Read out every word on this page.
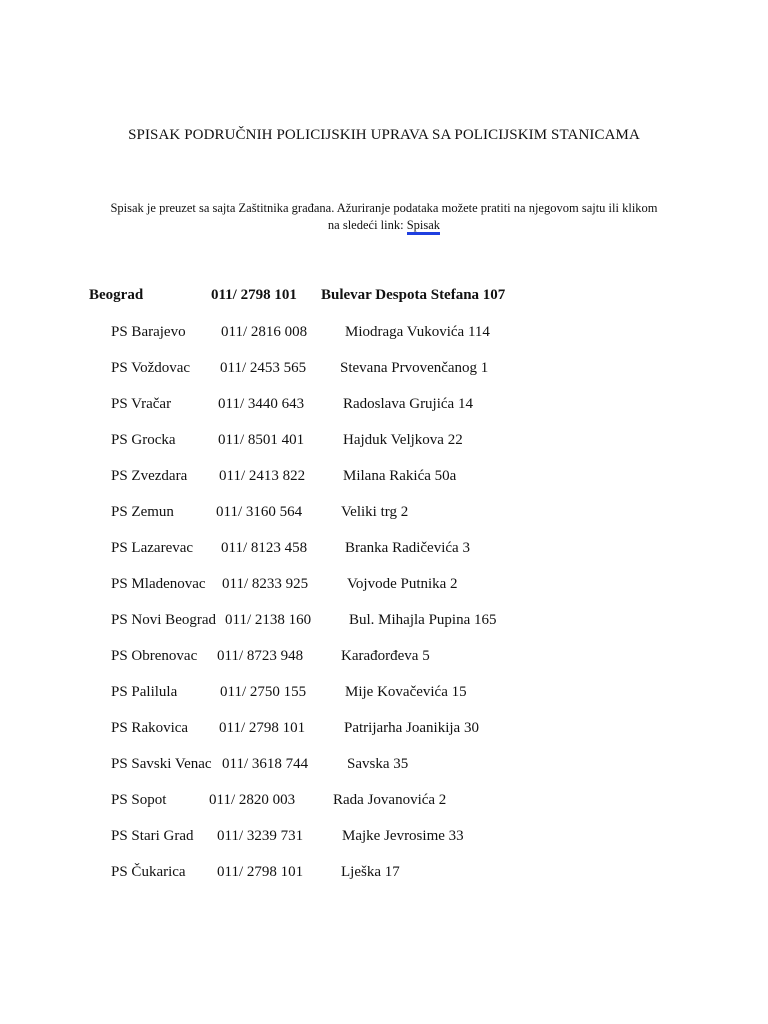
SPISAK PODRUČNIH POLICIJSKIH UPRAVA SA POLICIJSKIM STANICAMA
Spisak je preuzet sa sajta Zaštitnika građana. Ažuriranje podataka možete pratiti na njegovom sajtu ili klikom na sledeći link: Spisak
Beograd	011/ 2798 101 Bulevar Despota Stefana 107
PS Barajevo 011/ 2816 008	Miodraga Vukovića 114
PS Voždovac 011/ 2453 565 Stevana Prvovenčanog 1
PS Vračar	011/ 3440 643	Radoslava Grujića 14
PS Grocka	011/ 8501 401	Hajduk Veljkova 22
PS Zvezdara 011/ 2413 822	Milana Rakića 50a
PS Zemun	011/ 3160 564	Veliki trg 2
PS Lazarevac 011/ 8123 458	Branka Radičevića 3
PS Mladenovac 011/ 8233 925	Vojvode Putnika 2
PS Novi Beograd 011/ 2138 160	Bul. Mihajla Pupina 165
PS Obrenovac 011/ 8723 948	Karađorđeva 5
PS Palilula	011/ 2750 155	Mije Kovačevića 15
PS Rakovica 011/ 2798 101	Patrijarha Joanikija 30
PS Savski Venac 011/ 3618 744	Savska 35
PS Sopot	011/ 2820 003	Rada Jovanovića 2
PS Stari Grad 011/ 3239 731	Majke Jevrosime 33
PS Čukarica 011/ 2798 101	Lješka 17
